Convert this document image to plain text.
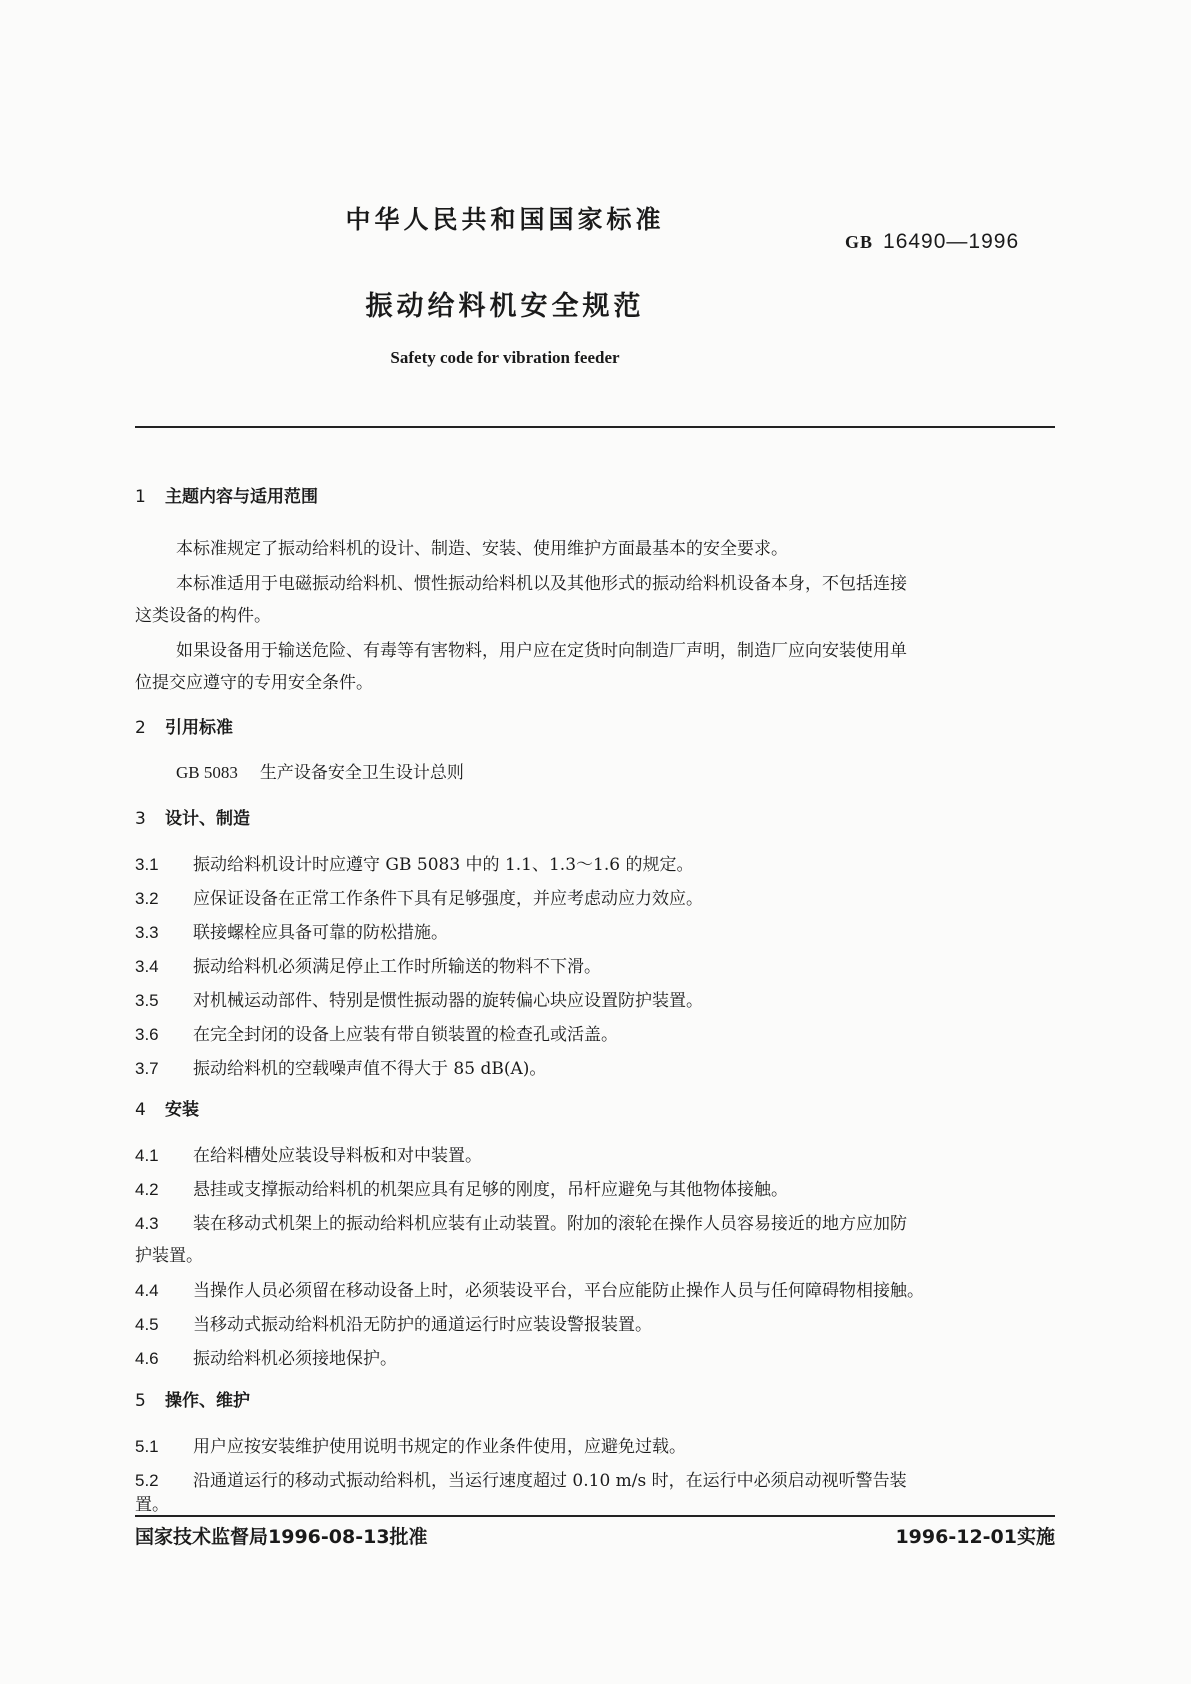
中华人民共和国国家标准
GB 16490—1996
振动给料机安全规范
Safety code for vibration feeder
1 主题内容与适用范围
本标准规定了振动给料机的设计、制造、安装、使用维护方面最基本的安全要求。
本标准适用于电磁振动给料机、惯性振动给料机以及其他形式的振动给料机设备本身，不包括连接
这类设备的构件。
如果设备用于输送危险、有毒等有害物料，用户应在定货时向制造厂声明，制造厂应向安装使用单
位提交应遵守的专用安全条件。
2 引用标准
GB 5083 生产设备安全卫生设计总则
3 设计、制造
3.1 振动给料机设计时应遵守 GB 5083 中的 1.1、1.3～1.6 的规定。
3.2 应保证设备在正常工作条件下具有足够强度，并应考虑动应力效应。
3.3 联接螺栓应具备可靠的防松措施。
3.4 振动给料机必须满足停止工作时所输送的物料不下滑。
3.5 对机械运动部件、特别是惯性振动器的旋转偏心块应设置防护装置。
3.6 在完全封闭的设备上应装有带自锁装置的检查孔或活盖。
3.7 振动给料机的空载噪声值不得大于 85 dB(A)。
4 安装
4.1 在给料槽处应装设导料板和对中装置。
4.2 悬挂或支撑振动给料机的机架应具有足够的刚度，吊杆应避免与其他物体接触。
4.3 装在移动式机架上的振动给料机应装有止动装置。附加的滚轮在操作人员容易接近的地方应加防
护装置。
4.4 当操作人员必须留在移动设备上时，必须装设平台，平台应能防止操作人员与任何障碍物相接触。
4.5 当移动式振动给料机沿无防护的通道运行时应装设警报装置。
4.6 振动给料机必须接地保护。
5 操作、维护
5.1 用户应按安装维护使用说明书规定的作业条件使用，应避免过载。
5.2 沿通道运行的移动式振动给料机，当运行速度超过 0.10 m/s 时，在运行中必须启动视听警告装
置。
国家技术监督局1996-08-13批准	1996-12-01实施
